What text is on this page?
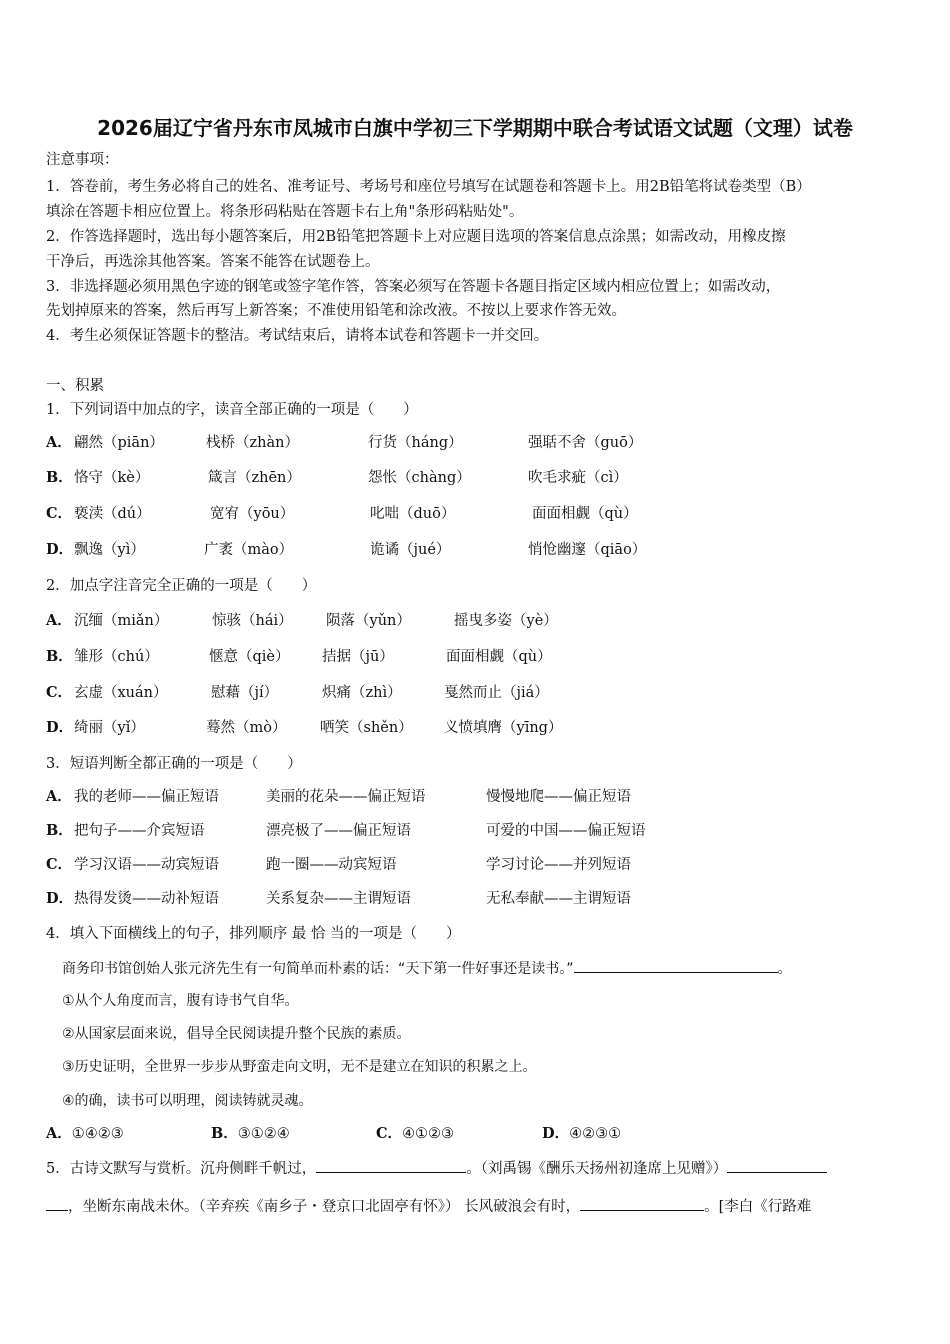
2026届辽宁省丹东市凤城市白旗中学初三下学期期中联合考试语文试题（文理）试卷
注意事项：
1．答卷前，考生务必将自己的姓名、准考证号、考场号和座位号填写在试题卷和答题卡上。用2B铅笔将试卷类型（B）
填涂在答题卡相应位置上。将条形码粘贴在答题卡右上角"条形码粘贴处"。
2．作答选择题时，选出每小题答案后，用2B铅笔把答题卡上对应题目选项的答案信息点涂黑；如需改动，用橡皮擦
干净后，再选涂其他答案。答案不能答在试题卷上。
3．非选择题必须用黑色字迹的钢笔或签字笔作答，答案必须写在答题卡各题目指定区域内相应位置上；如需改动，
先划掉原来的答案，然后再写上新答案；不准使用铅笔和涂改液。不按以上要求作答无效。
4．考生必须保证答题卡的整洁。考试结束后，请将本试卷和答题卡一并交回。
一、积累
1．下列词语中加点的字，读音全部正确的一项是（　　）
A． 翩然（piān）	栈桥（zhàn）	行货（háng）	强聒不舍（guō）
B． 恪守（kè）	箴言（zhēn）	怨怅（chàng）	吹毛求疵（cì）
C． 亵渎（dú）	宽宥（yōu）	叱咄（duō）	面面相觑（qù）
D． 飘逸（yì）	广袤（mào）	诡谲（jué）	悄怆幽邃（qiāo）
2．加点字注音完全正确的一项是（　　）
A． 沉缅（miǎn）	惊骇（hái） 陨落（yǔn）	摇曳多姿（yè）
B． 雏形（chú）	惬意（qiè） 拮据（jū）	面面相觑（qù）
C． 玄虚（xuán）	慰藉（jí）	炽痛（zhì）	戛然而止（jiá）
D． 绮丽（yǐ）	蓦然（mò） 哂笑（shěn） 义愤填膺（yīng）
3．短语判断全都正确的一项是（　　）
A． 我的老师——偏正短语	美丽的花朵——偏正短语	慢慢地爬——偏正短语
B． 把句子——介宾短语	漂亮极了——偏正短语	可爱的中国——偏正短语
C． 学习汉语——动宾短语	跑一圈——动宾短语	学习讨论——并列短语
D． 热得发烫——动补短语	关系复杂——主谓短语	无私奉献——主谓短语
4．填入下面横线上的句子，排列顺序 最 恰 当的一项是（　　）
商务印书馆创始人张元济先生有一句简单而朴素的话：“天下第一件好事还是读书。”	。
①从个人角度而言，腹有诗书气自华。
②从国家层面来说，倡导全民阅读提升整个民族的素质。
③历史证明，全世界一步步从野蛮走向文明，无不是建立在知识的积累之上。
④的确，读书可以明理，阅读铸就灵魂。
A．①④②③	B．③①②④	C．④①②③	D．④②③①
5．古诗文默写与赏析。沉舟侧畔千帆过，	。（刘禹锡《酬乐天扬州初逢席上见赠》）
，坐断东南战未休。（辛弃疾《南乡子・登京口北固亭有怀》） 长风破浪会有时，	。[李白《行路难
